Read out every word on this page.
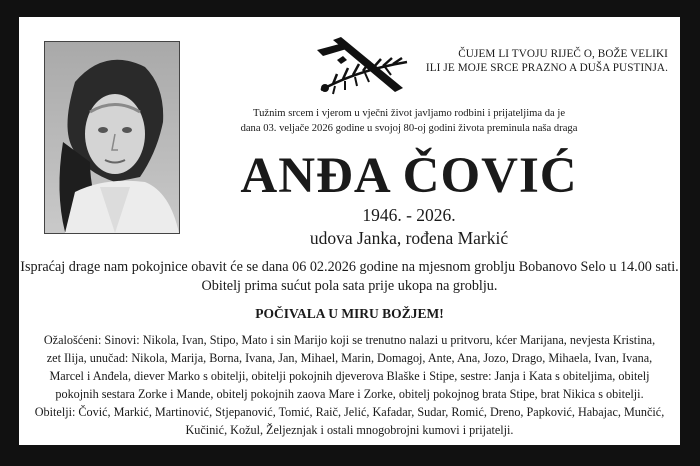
ČUJEM LI TVOJU RIJEČ O, BOŽE VELIKI
ILI JE MOJE SRCE PRAZNO A DUŠA PUSTINJA.
Tužnim srcem i vjerom u vječni život javljamo rodbini i prijateljima da je
dana 03. veljače 2026 godine u svojoj 80-oj godini života preminula naša draga
ANĐA ČOVIĆ
1946. - 2026.
udova Janka, rođena Markić
Ispraćaj drage nam pokojnice obavit će se dana 06 02.2026 godine na mjesnom groblju Bobanovo Selo u 14.00 sati.
Obitelj prima sućut pola sata prije ukopa na groblju.
POČIVALA U MIRU BOŽJEM!

Ožalošćeni: Sinovi: Nikola, Ivan, Stipo, Mato i sin Marijo koji se trenutno nalazi u pritvoru, kćer Marijana, nevjesta Kristina,

zet Ilija, unučad: Nikola, Marija, Borna, Ivana, Jan, Mihael, Marin, Domagoj, Ante, Ana, Jozo, Drago, Mihaela, Ivan, Ivana,

Marcel i Anđela, diever Marko s obitelji, obitelji pokojnih djeverova Blaške i Stipe, sestre: Janja i Kata s obiteljima, obitelj

pokojnih sestara Zorke i Mande, obitelj pokojnih zaova Mare i Zorke, obitelj pokojnog brata Stipe, brat Nikica s obitelji.

Obitelji: Čović, Markić, Martinović, Stjepanović, Tomić, Raič, Jelić, Kafadar, Sudar, Romić, Dreno, Papković, Habajac, Munčić,

Kučinić, Kožul, Željeznjak i ostali mnogobrojni kumovi i prijatelji.
